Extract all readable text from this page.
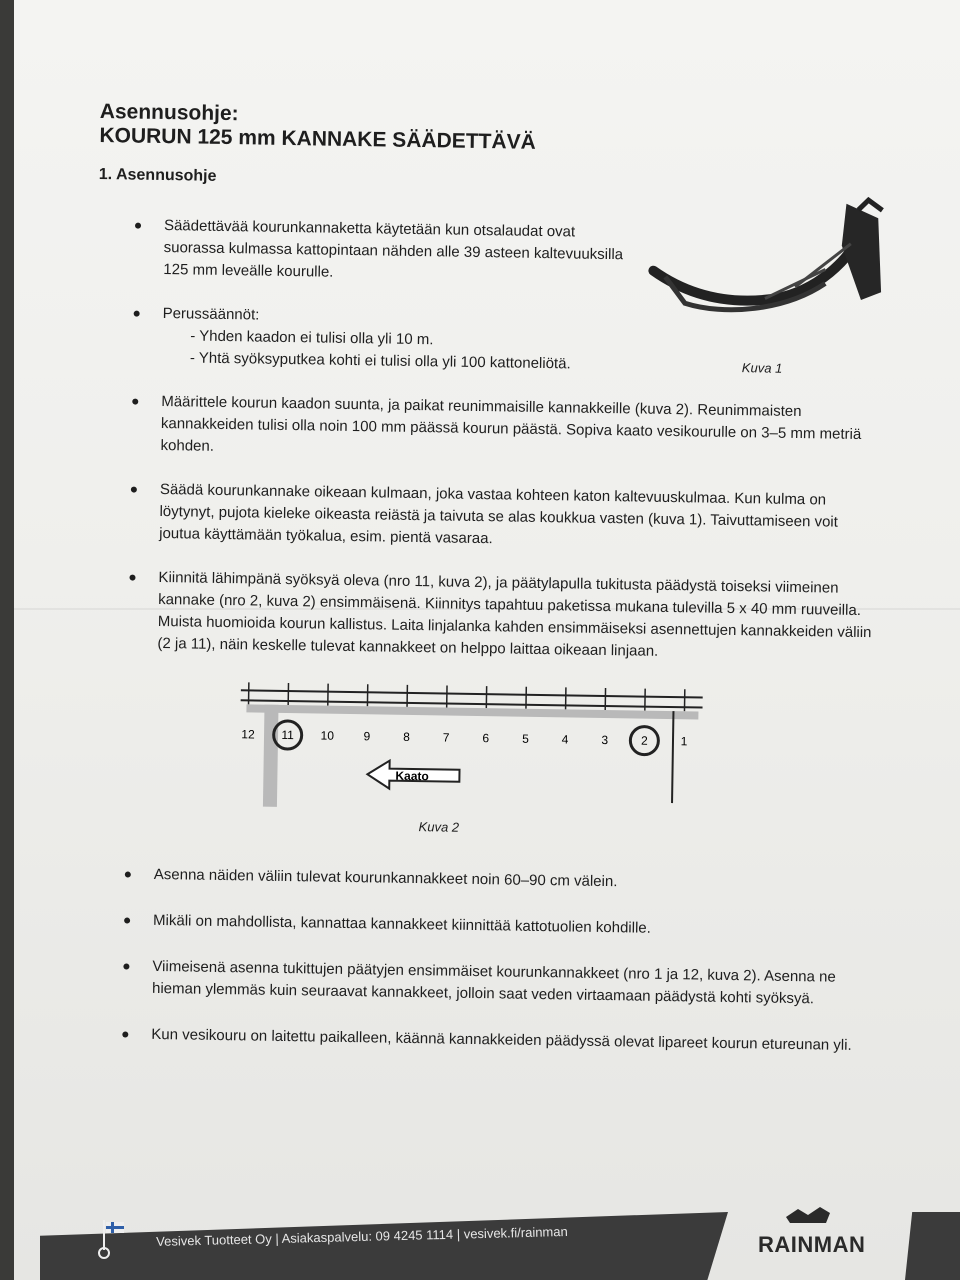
Asennusohje:

KOURUN 125 mm KANNAKE SÄÄDETTÄVÄ

1. Asennusohje

Kuva 1
Säädettävää kourunkannaketta käytetään kun otsalaudat ovat suorassa kulmassa kattopintaan nähden alle 39 asteen kaltevuuksilla 125 mm leveälle kourulle.
Perussäännöt:
- Yhden kaadon ei tulisi olla yli 10 m.
- Yhtä syöksyputkea kohti ei tulisi olla yli 100 kattoneliötä.
Määrittele kourun kaadon suunta, ja paikat reunimmaisille kannakkeille (kuva 2). Reunimmaisten kannakkeiden tulisi olla noin 100 mm päässä kourun päästä. Sopiva kaato vesikourulle on 3–5 mm metriä kohden.
Säädä kourunkannake oikeaan kulmaan, joka vastaa kohteen katon kaltevuuskulmaa. Kun kulma on löytynyt, pujota kieleke oikeasta reiästä ja taivuta se alas koukkua vasten (kuva 1). Taivuttamiseen voit joutua käyttämään työkalua, esim. pientä vasaraa.
Kiinnitä lähimpänä syöksyä oleva (nro 11, kuva 2), ja päätylapulla tukitusta päädystä toiseksi viimeinen kannake (nro 2, kuva 2) ensimmäisenä. Kiinnitys tapahtuu paketissa mukana tulevilla 5 x 40 mm ruuveilla. Muista huomioida kourun kallistus. Laita linjalanka kahden ensimmäiseksi asennettujen kannakkeiden väliin (2 ja 11), näin keskelle tulevat kannakkeet on helppo laittaa oikeaan linjaan.
12 11 10 9	8	7	6	5	4	3	2	1
Kaato
Kuva 2
Asenna näiden väliin tulevat kourunkannakkeet noin 60–90 cm välein.
Mikäli on mahdollista, kannattaa kannakkeet kiinnittää kattotuolien kohdille.
Viimeisenä asenna tukittujen päätyjen ensimmäiset kourunkannakkeet (nro 1 ja 12, kuva 2). Asenna ne hieman ylemmäs kuin seuraavat kannakkeet, jolloin saat veden virtaamaan päädystä kohti syöksyä.
Kun vesikouru on laitettu paikalleen, käännä kannakkeiden päädyssä olevat lipareet kourun etureunan yli.
Vesivek Tuotteet Oy | Asiakaspalvelu: 09 4245 1114 | vesivek.fi/rainman	RAINMAN
